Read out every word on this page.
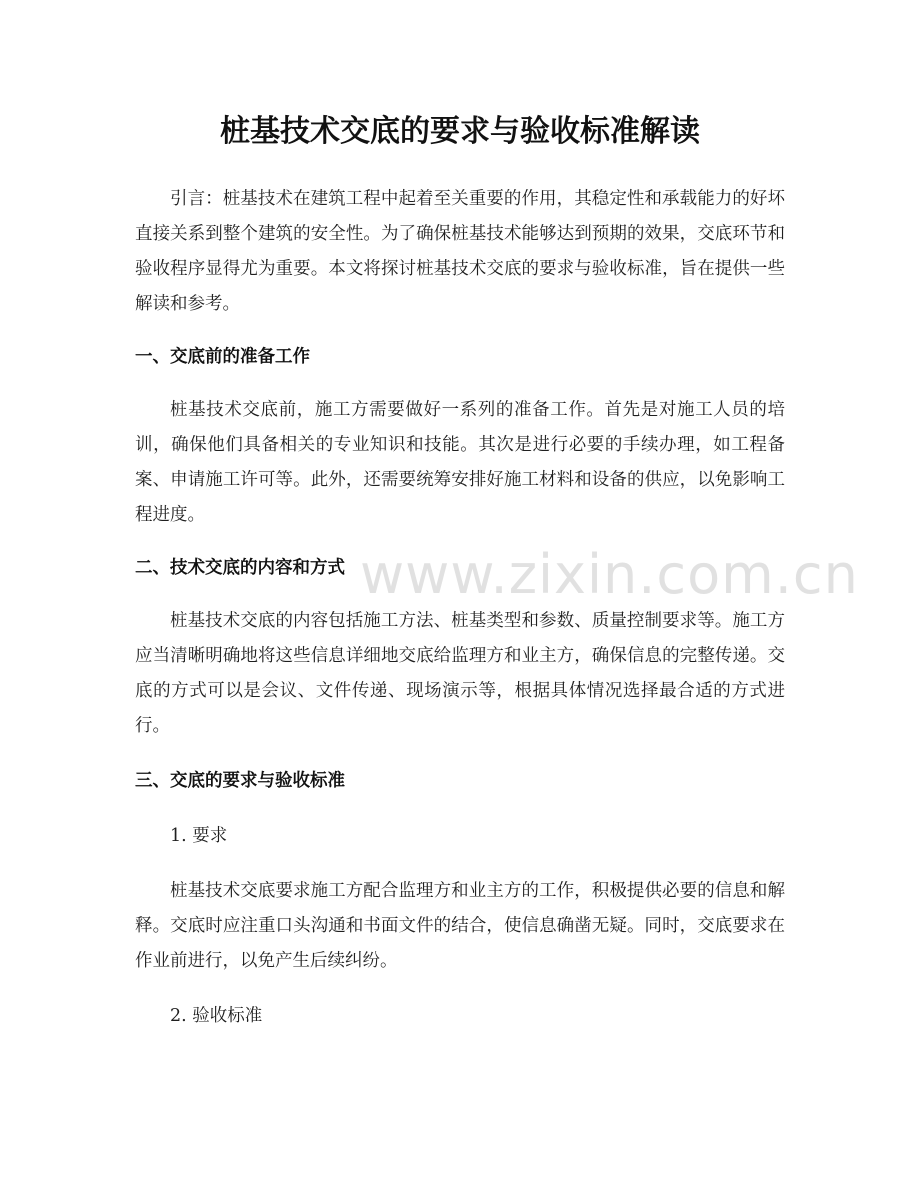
桩基技术交底的要求与验收标准解读

引言：桩基技术在建筑工程中起着至关重要的作用，其稳定性和承载能力的好坏直接关系到整个建筑的安全性。为了确保桩基技术能够达到预期的效果，交底环节和验收程序显得尤为重要。本文将探讨桩基技术交底的要求与验收标准，旨在提供一些解读和参考。

一、交底前的准备工作

桩基技术交底前，施工方需要做好一系列的准备工作。首先是对施工人员的培训，确保他们具备相关的专业知识和技能。其次是进行必要的手续办理，如工程备案、申请施工许可等。此外，还需要统筹安排好施工材料和设备的供应，以免影响工程进度。

二、技术交底的内容和方式

桩基技术交底的内容包括施工方法、桩基类型和参数、质量控制要求等。施工方应当清晰明确地将这些信息详细地交底给监理方和业主方，确保信息的完整传递。交底的方式可以是会议、文件传递、现场演示等，根据具体情况选择最合适的方式进行。

三、交底的要求与验收标准

1. 要求

桩基技术交底要求施工方配合监理方和业主方的工作，积极提供必要的信息和解释。交底时应注重口头沟通和书面文件的结合，使信息确凿无疑。同时，交底要求在作业前进行，以免产生后续纠纷。

2. 验收标准

www.zixin.com.cn
